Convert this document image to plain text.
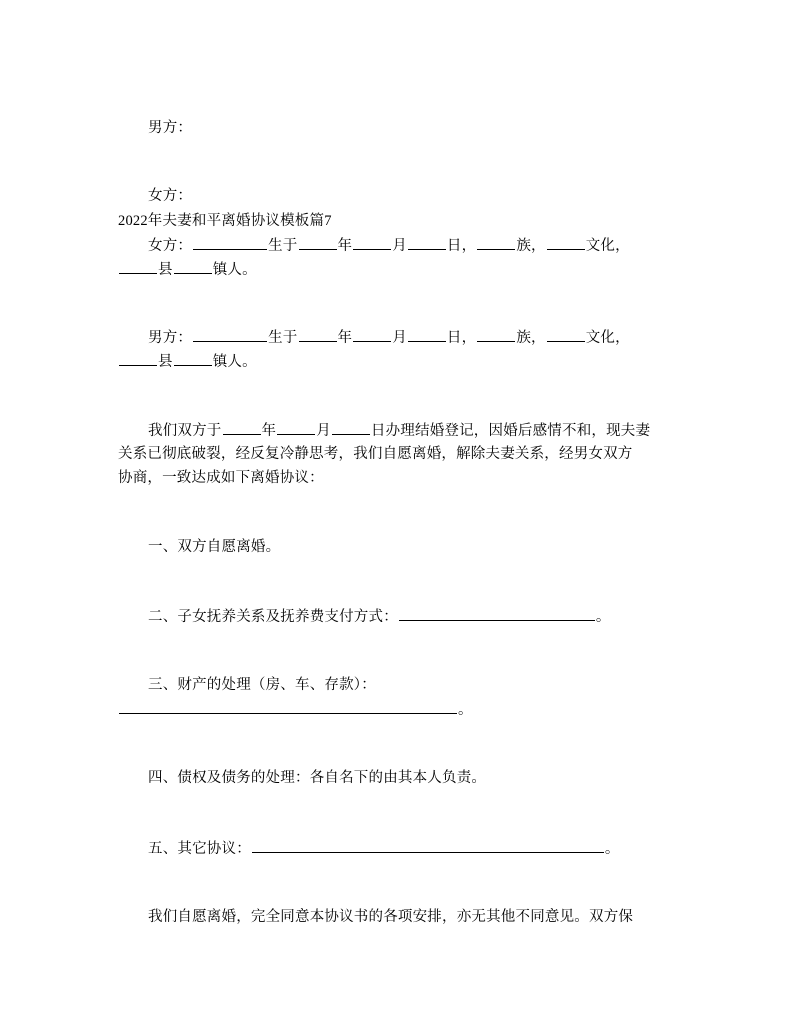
男方：
女方：
2022年夫妻和平离婚协议模板篇7
女方：	生于	年	月	日，	族，	文化，
县	镇人。
男方：	生于	年	月	日，	族，	文化，
县	镇人。
我们双方于	年	月	日办理结婚登记，因婚后感情不和，现夫妻
关系已彻底破裂，经反复冷静思考，我们自愿离婚，解除夫妻关系，经男女双方
协商，一致达成如下离婚协议：
一、双方自愿离婚。
二、子女抚养关系及抚养费支付方式：	。
三、财产的处理（房、车、存款）：
。
四、债权及债务的处理：各自名下的由其本人负责。
五、其它协议：	。
我们自愿离婚，完全同意本协议书的各项安排，亦无其他不同意见。双方保
